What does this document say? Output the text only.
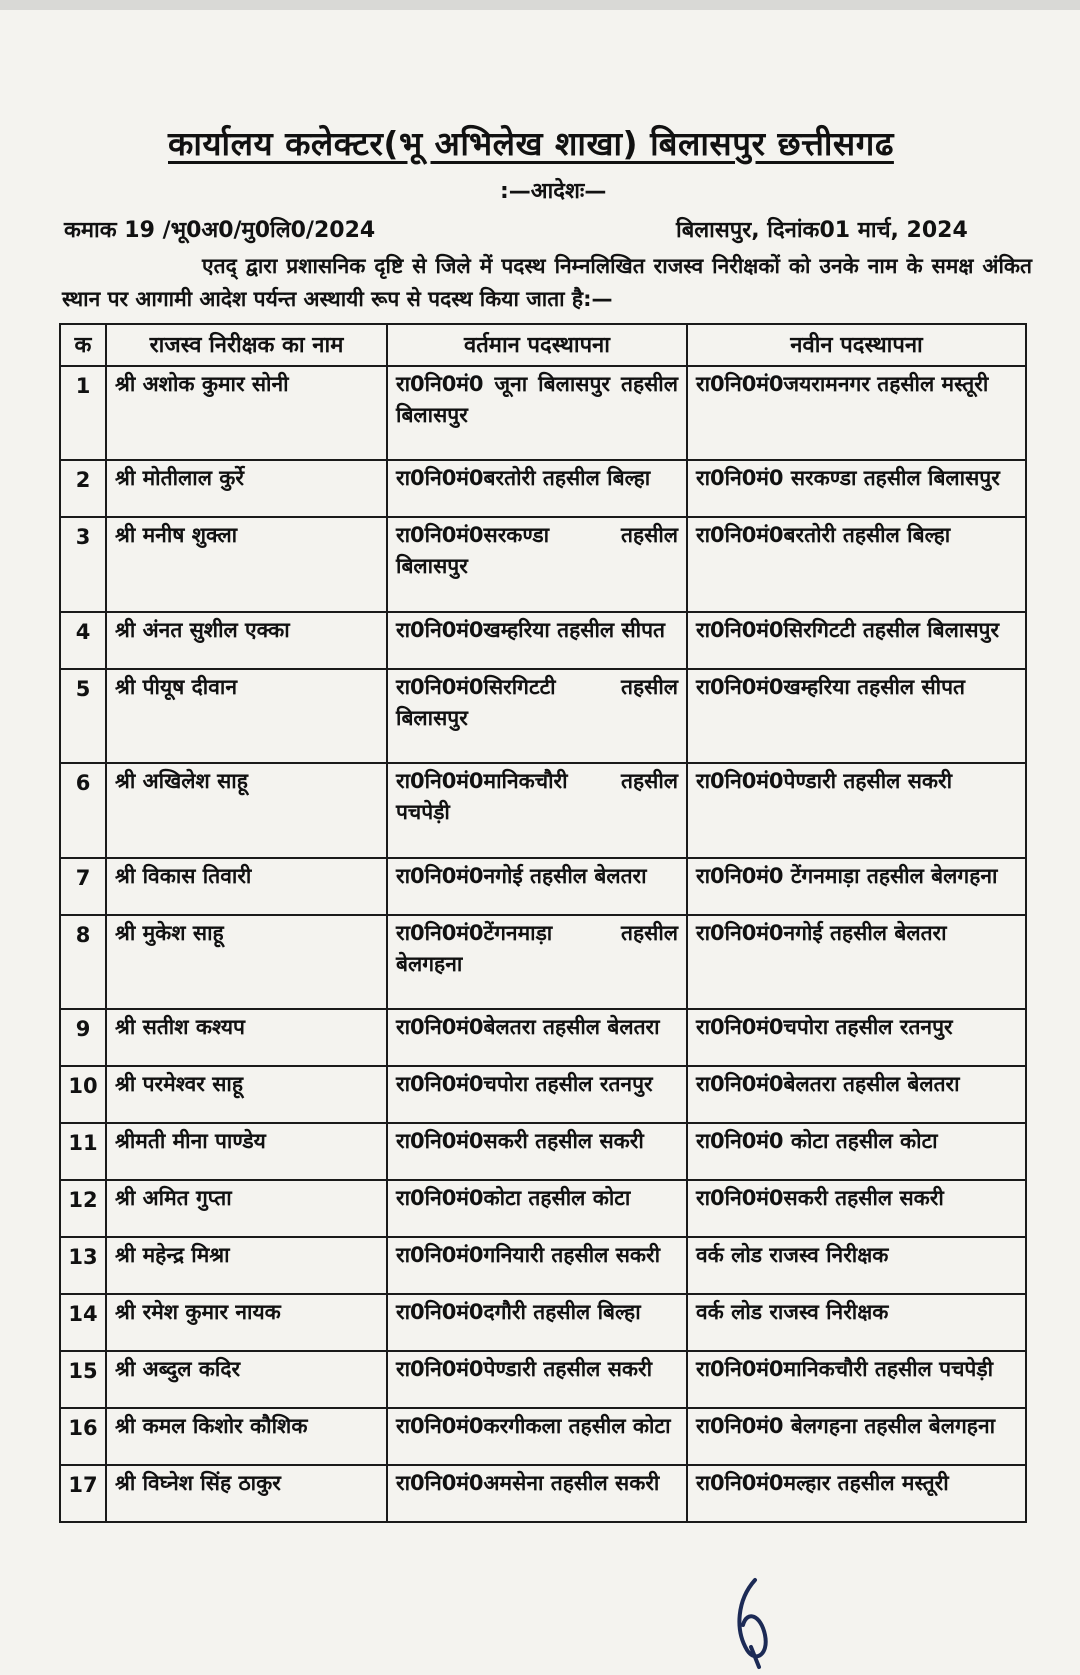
कार्यालय कलेक्टर(भू अभिलेख शाखा) बिलासपुर छत्तीसगढ
:—आदेशः—
कमाक 19 /भू0अ0/मु0लि0/2024	बिलासपुर, दिनांक01 मार्च, 2024
एतद् द्वारा प्रशासनिक दृष्टि से जिले में पदस्थ निम्नलिखित राजस्व निरीक्षकों को उनके नाम के समक्ष अंकित स्थान पर आगामी आदेश पर्यन्त अस्थायी रूप से पदस्थ किया जाता है:—
क	राजस्व निरीक्षक का नाम	वर्तमान पदस्थापना	नवीन पदस्थापना
1	श्री अशोक कुमार सोनी	रा0नि0मं0 जूना बिलासपुर तहसील बिलासपुर	रा0नि0मं0जयरामनगर तहसील मस्तूरी
2	श्री मोतीलाल कुर्रे	रा0नि0मं0बरतोरी तहसील बिल्हा	रा0नि0मं0 सरकण्डा तहसील बिलासपुर
3	श्री मनीष शुक्ला	रा0नि0मं0सरकण्डा तहसील बिलासपुर	रा0नि0मं0बरतोरी तहसील बिल्हा
4	श्री अंनत सुशील एक्का	रा0नि0मं0खम्हरिया तहसील सीपत	रा0नि0मं0सिरगिटटी तहसील बिलासपुर
5	श्री पीयूष दीवान	रा0नि0मं0सिरगिटटी तहसील बिलासपुर	रा0नि0मं0खम्हरिया तहसील सीपत
6	श्री अखिलेश साहू	रा0नि0मं0मानिकचौरी तहसील पचपेड़ी	रा0नि0मं0पेण्डारी तहसील सकरी
7	श्री विकास तिवारी	रा0नि0मं0नगोई तहसील बेलतरा	रा0नि0मं0 टेंगनमाड़ा तहसील बेलगहना
8	श्री मुकेश साहू	रा0नि0मं0टेंगनमाड़ा तहसील बेलगहना	रा0नि0मं0नगोई तहसील बेलतरा
9	श्री सतीश कश्यप	रा0नि0मं0बेलतरा तहसील बेलतरा	रा0नि0मं0चपोरा तहसील रतनपुर
10	श्री परमेश्वर साहू	रा0नि0मं0चपोरा तहसील रतनपुर	रा0नि0मं0बेलतरा तहसील बेलतरा
11	श्रीमती मीना पाण्डेय	रा0नि0मं0सकरी तहसील सकरी	रा0नि0मं0 कोटा तहसील कोटा
12	श्री अमित गुप्ता	रा0नि0मं0कोटा तहसील कोटा	रा0नि0मं0सकरी तहसील सकरी
13	श्री महेन्द्र मिश्रा	रा0नि0मं0गनियारी तहसील सकरी	वर्क लोड राजस्व निरीक्षक
14	श्री रमेश कुमार नायक	रा0नि0मं0दगौरी तहसील बिल्हा	वर्क लोड राजस्व निरीक्षक
15	श्री अब्दुल कदिर	रा0नि0मं0पेण्डारी तहसील सकरी	रा0नि0मं0मानिकचौरी तहसील पचपेड़ी
16	श्री कमल किशोर कौशिक	रा0नि0मं0करगीकला तहसील कोटा	रा0नि0मं0 बेलगहना तहसील बेलगहना
17	श्री विघ्नेश सिंह ठाकुर	रा0नि0मं0अमसेना तहसील सकरी	रा0नि0मं0मल्हार तहसील मस्तूरी
